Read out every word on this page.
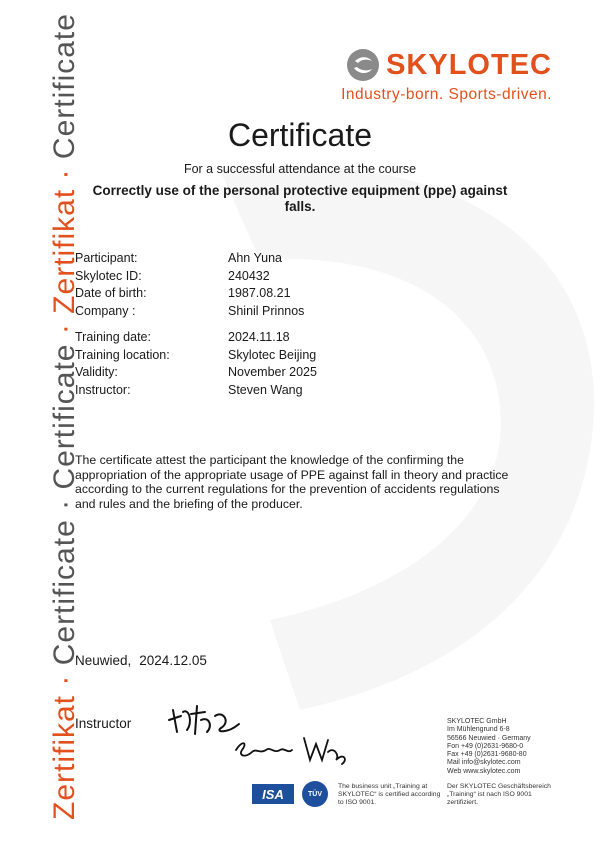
Zertifikat · Certificate · Certificate · Zertifikat · Certificate	SKYLOTEC
Industry-born. Sports-driven.
Certificate
For a successful attendance at the course
Correctly use of the personal protective equipment (ppe) against falls.
Participant:	Ahn Yuna
Skylotec ID:	240432
Date of birth:	1987.08.21
Company :	Shinil Prinnos
Training date:	2024.11.18
Training location:	Skylotec Beijing
Validity:	November 2025
Instructor:	Steven Wang
The certificate attest the participant the knowledge of the confirming the appropriation of the appropriate usage of PPE against fall in theory and practice according to the current regulations for the prevention of accidents regulations and rules and the briefing of the producer.
Neuwied, 2024.12.05
Instructor	SKYLOTEC GmbH
Im Mühlengrund 6-8
56566 Neuwied · Germany
Fon +49 (0)2631-9680-0
Fax +49 (0)2631-9680-80
Mail info@skylotec.com
Web www.skylotec.com
ISA	TÜV
The business unit „Training at SKYLOTEC“ is certified according to ISO 9001.
Der SKYLOTEC Geschäftsbereich „Training“ ist nach ISO 9001 zertifiziert.
